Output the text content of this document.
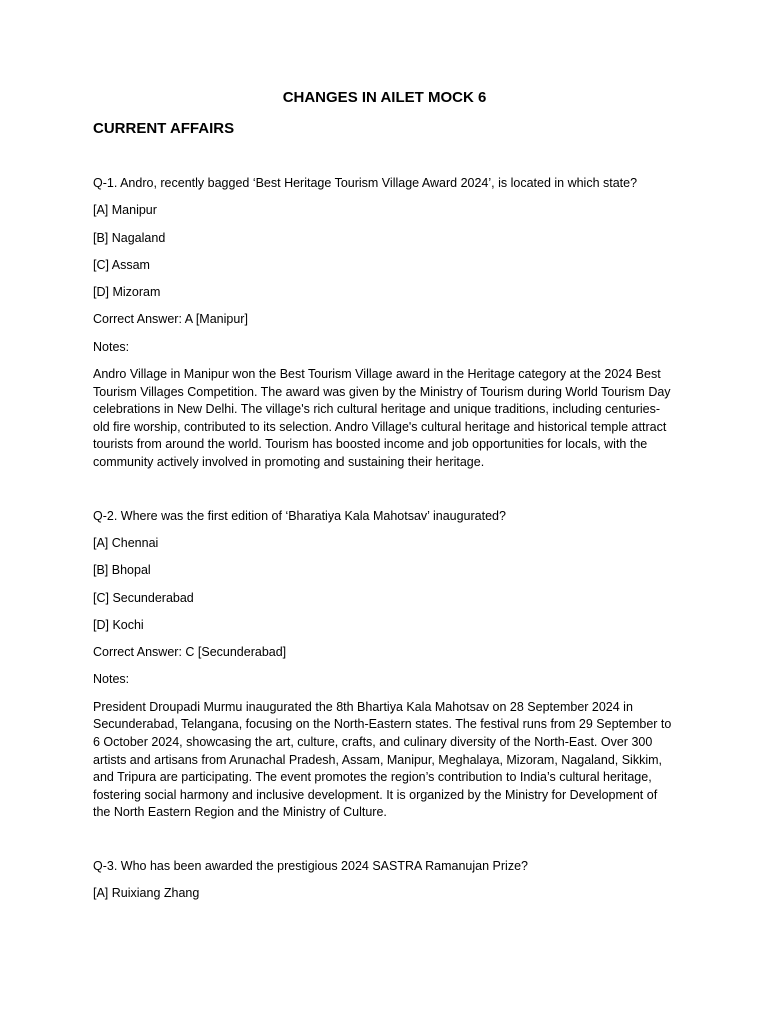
CHANGES IN AILET MOCK 6
CURRENT AFFAIRS
Q-1. Andro, recently bagged ‘Best Heritage Tourism Village Award 2024’, is located in which state?
[A] Manipur
[B] Nagaland
[C] Assam
[D] Mizoram
Correct Answer: A [Manipur]
Notes:
Andro Village in Manipur won the Best Tourism Village award in the Heritage category at the 2024 Best Tourism Villages Competition. The award was given by the Ministry of Tourism during World Tourism Day celebrations in New Delhi. The village's rich cultural heritage and unique traditions, including centuries-old fire worship, contributed to its selection. Andro Village's cultural heritage and historical temple attract tourists from around the world. Tourism has boosted income and job opportunities for locals, with the community actively involved in promoting and sustaining their heritage.
Q-2. Where was the first edition of ‘Bharatiya Kala Mahotsav’ inaugurated?
[A] Chennai
[B] Bhopal
[C] Secunderabad
[D] Kochi
Correct Answer: C [Secunderabad]
Notes:
President Droupadi Murmu inaugurated the 8th Bhartiya Kala Mahotsav on 28 September 2024 in Secunderabad, Telangana, focusing on the North-Eastern states. The festival runs from 29 September to 6 October 2024, showcasing the art, culture, crafts, and culinary diversity of the North-East. Over 300 artists and artisans from Arunachal Pradesh, Assam, Manipur, Meghalaya, Mizoram, Nagaland, Sikkim, and Tripura are participating. The event promotes the region’s contribution to India’s cultural heritage, fostering social harmony and inclusive development. It is organized by the Ministry for Development of the North Eastern Region and the Ministry of Culture.
Q-3. Who has been awarded the prestigious 2024 SASTRA Ramanujan Prize?
[A] Ruixiang Zhang
